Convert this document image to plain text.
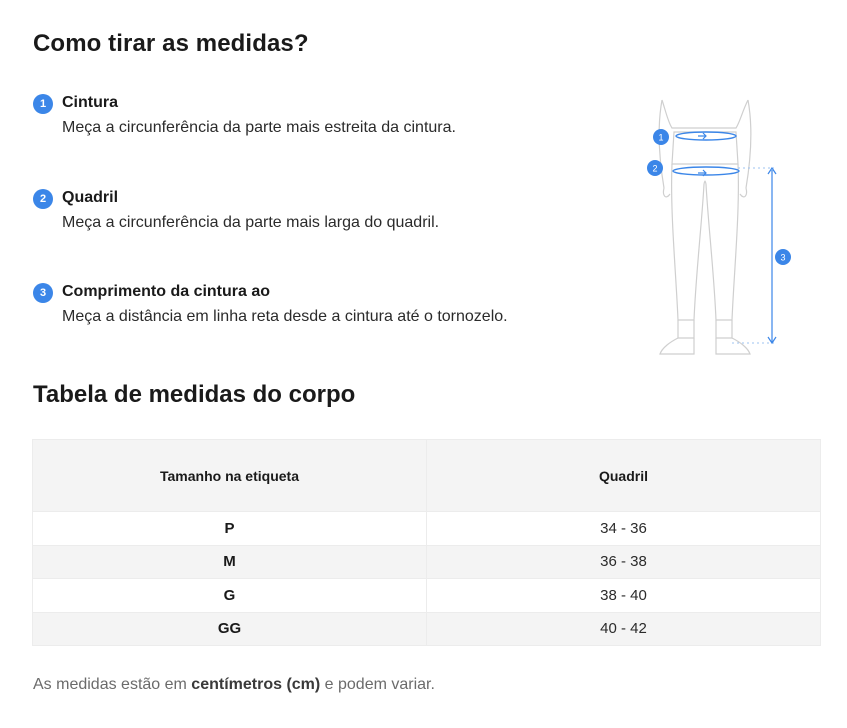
Como tirar as medidas?
1 Cintura
Meça a circunferência da parte mais estreita da cintura.
2 Quadril
Meça a circunferência da parte mais larga do quadril.
3 Comprimento da cintura ao
Meça a distância em linha reta desde a cintura até o tornozelo.
1
2
3
Tabela de medidas do corpo
Tamanho na etiqueta	Quadril
P	34 - 36
M	36 - 38
G	38 - 40
GG	40 - 42
As medidas estão em centímetros (cm) e podem variar.
